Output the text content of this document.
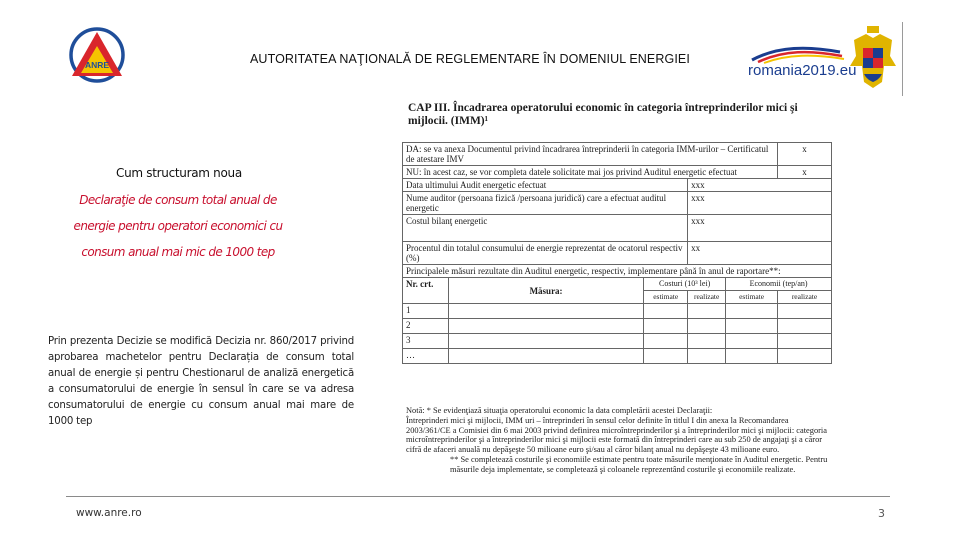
ANRE	AUTORITATEA NAŢIONALĂ DE REGLEMENTARE ÎN DOMENIUL ENERGIEI
romania2019.eu
Cum structuram noua
Declaraţie de consum total anual de
energie pentru operatori economici cu
consum anual mai mic de 1000 tep
Prin prezenta Decizie se modifică Decizia nr. 860/2017 privind aprobarea machetelor pentru Declarația de consum total anual de energie și pentru Chestionarul de analiză energetică a consumatorului de energie în sensul în care se va adresa consumatorului de energie cu consum anual mai mare de 1000 tep
CAP III. Încadrarea operatorului economic în categoria întreprinderilor mici şi mijlocii. (IMM)¹
DA: se va anexa Documentul privind încadrarea întreprinderii în categoria IMM-urilor – Certificatul de atestare IMV					x
NU: în acest caz, se vor completa datele solicitate mai jos privind Auditul energetic efectuat					x
Data ultimului Audit energetic efectuat			xxx		
Nume auditor (persoana fizică /persoana juridică) care a efectuat auditul energetic			xxx		
Costul bilanţ energetic			xxx		
Procentul din totalul consumului de energie reprezentat de ocatorul respectiv (%)			xx		
Principalele măsuri rezultate din Auditul energetic, respectiv, implementare până în anul de raportare**:					
Nr. crt.	Măsura:	Costuri (10³ lei)		Economii (tep/an)	
		estimate	realizate	estimate	realizate
1					
2					
3					
…					
Notă: * Se evidenţiază situaţia operatorului economic la data completării acestei Declaraţii:
Întreprinderi mici şi mijlocii, IMM uri – întreprinderi în sensul celor definite în titlul I din anexa la Recomandarea 2003/361/CE a Comisiei din 6 mai 2003 privind definirea microîntreprinderilor şi a întreprinderilor mici şi mijlocii: categoria microîntreprinderilor şi a întreprinderilor mici şi mijlocii este formată din întreprinderi care au sub 250 de angajaţi şi a căror cifră de afaceri anuală nu depăşeşte 50 milioane euro şi/sau al căror bilanţ anual nu depăşeşte 43 milioane euro.
** Se completează costurile şi economiile estimate pentru toate măsurile menţionate în Auditul energetic. Pentru măsurile deja implementate, se completează şi coloanele reprezentând costurile şi economiile realizate.
www.anre.ro	3
